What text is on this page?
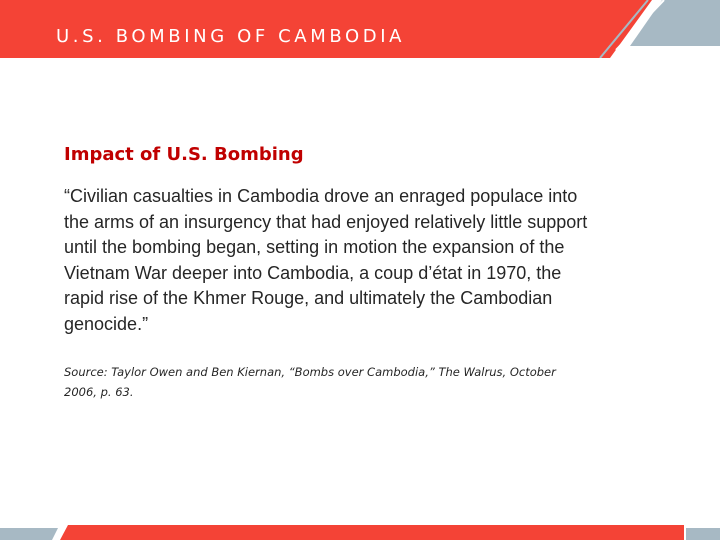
U.S. BOMBING OF CAMBODIA
Impact of U.S. Bombing

“Civilian casualties in Cambodia drove an enraged populace into the arms of an insurgency that had enjoyed relatively little support until the bombing began, setting in motion the expansion of the Vietnam War deeper into Cambodia, a coup d’état in 1970, the rapid rise of the Khmer Rouge, and ultimately the Cambodian genocide.”

Source: Taylor Owen and Ben Kiernan, “Bombs over Cambodia,” The Walrus, October 2006, p. 63.
